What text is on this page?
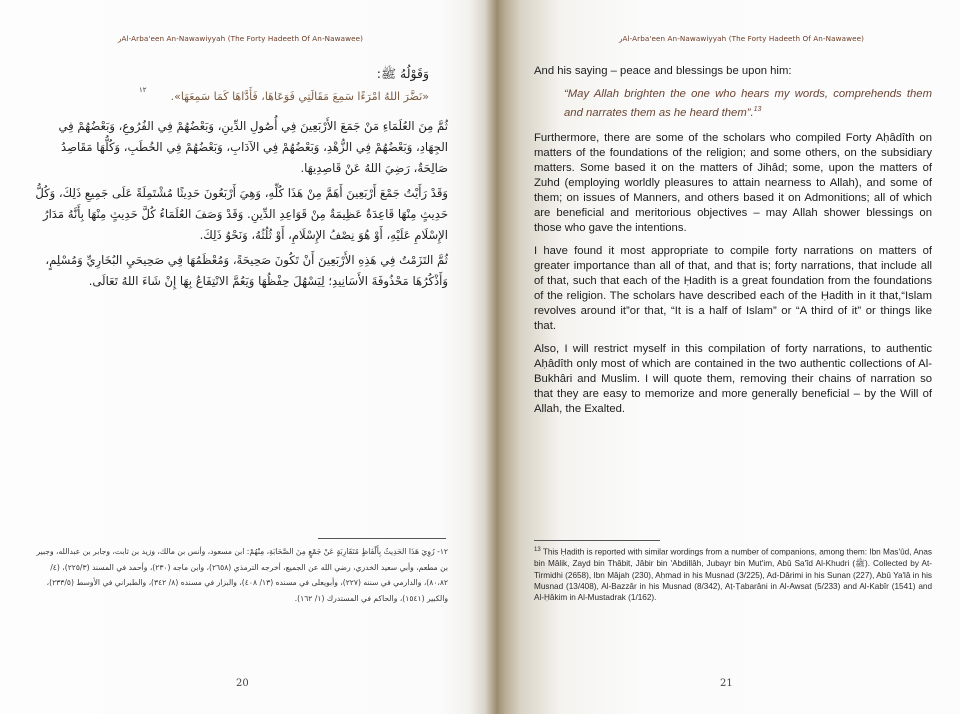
ﺭAl-Arba'een An-Nawawiyyah (The Forty Hadeeth Of An-Nawawee)
وَقَوْلُهُ ﷺ:
١٢	«نَضَّرَ اللهُ امْرَءًا سَمِعَ مَقَالَتِي فَوَعَاهَا، فَأَدَّاهَا كَمَا سَمِعَهَا».

ثُمَّ مِنَ العُلَمَاءِ مَنْ جَمَعَ الأَرْبَعِينَ فِي أُصُولِ الدِّينِ، وَبَعْضُهُمْ فِي الفُرُوعِ، وَبَعْضُهُمْ فِي الجِهَادِ، وَبَعْضُهُمْ فِي الزُّهْدِ، وَبَعْضُهُمْ فِي الآدَابِ، وَبَعْضُهُمْ فِي الخُطَبِ، وَكُلُّهَا مَقَاصِدُ صَالِحَةٌ، رَضِيَ اللهُ عَنْ قَاصِدِيهَا.

وَقَدْ رَأَيْتُ جَمْعَ أَرْبَعِينَ أَهَمَّ مِنْ هَذَا كُلِّهِ، وَهِيَ أَرْبَعُونَ حَدِيثًا مُشْتَمِلَةً عَلَى جَمِيعِ ذَلِكَ، وَكُلُّ حَدِيثٍ مِنْهَا قَاعِدَةٌ عَظِيمَةٌ مِنْ قَوَاعِدِ الدِّينِ. وَقَدْ وَصَفَ العُلَمَاءُ كُلَّ حَدِيثٍ مِنْهَا بِأَنَّهُ مَدَارُ الإِسْلَامِ عَلَيْهِ، أَوْ هُوَ نِصْفُ الإِسْلَامِ، أَوْ ثُلُثُهُ، وَنَحْوُ ذَلِكَ.

ثُمَّ التَزَمْتُ فِي هَذِهِ الأَرْبَعِينَ أَنْ تَكُونَ صَحِيحَةً، وَمُعْظَمُهَا فِي صَحِيحَيِ البُخَارِيِّ وَمُسْلِمٍ، وَأَذْكُرُهَا مَحْذُوفَةَ الأَسَانِيدِ؛ لِيَسْهُلَ حِفْظُهَا وَيَعُمَّ الانْتِفَاعُ بِهَا إِنْ شَاءَ اللهُ تَعَالَى.

١٢- رُوِيَ هَذَا الحَدِيثُ بِأَلْفَاظٍ مُتَقَارِبَةٍ عَنْ جَمْعٍ مِنَ الصَّحَابَةِ، مِنْهُمْ: ابن مسعود، وأنس بن مالك، وزيد بن ثابت، وجابر بن عبدالله، وجبير بن مطعم، وأبي سعيد الخدري، رضي الله عن الجميع، أخرجه الترمذي (٢٦٥٨)، وابن ماجه (٢٣٠)، وأحمد في المسند (٢٢٥/٣)، (٤/ ٨٠،٨٢)، والدارمي في سننه (٢٢٧)، وأبويعلى في مسنده (١٣/ ٤٠٨)، والبزار في مسنده (٨/ ٣٤٢)، والطبراني في الأوسط (٢٣٣/٥)، والكبير (١٥٤١)، والحاكم في المستدرك (١/ ١٦٢).
20
ﺭAl-Arba'een An-Nawawiyyah (The Forty Hadeeth Of An-Nawawee)

And his saying – peace and blessings be upon him:

“May Allah brighten the one who hears my words, comprehends them and narrates them as he heard them”.$^{13}$

Furthermore, there are some of the scholars who compiled Forty Aḥâdîth on matters of the foundations of the religion; and some others, on the subsidiary matters. Some based it on the matters of Jihâd; some, upon the matters of Zuhd (employing worldly pleasures to attain nearness to Allah), and some of them; on issues of Manners, and others based it on Admonitions; all of which are beneficial and meritorious objectives – may Allah shower blessings on those who gave the intentions.

I have found it most appropriate to compile forty narrations on matters of greater importance than all of that, and that is; forty narrations, that include all of that, such that each of the Ḥadith is a great foundation from the foundations of the religion. The scholars have described each of the Ḥadith in it that,“Islam revolves around it”or that, “It is a half of Islam” or “A third of it” or things like that.

Also, I will restrict myself in this compilation of forty narrations, to authentic Aḥâdîth only most of which are contained in the two authentic collections of Al-Bukhâri and Muslim. I will quote them, removing their chains of narration so that they are easy to memorize and more generally beneficial – by the Will of Allah, the Exalted.

$^{13}$ This Ḥadith is reported with similar wordings from a number of companions, among them: Ibn Mas'ûd, Anas bin Mâlik, Zayd bin Thâbit, Jâbir bin 'Abdillâh, Jubayr bin Mut'im, Abû Sa'îd Al-Khudri (ﷺ). Collected by At-Tirmidhi (2658), Ibn Mâjah (230), Aḥmad in his Musnad (3/225), Ad-Dârimi in his Sunan (227), Abû Ya'lâ in his Musnad (13/408), Al-Bazzâr in his Musnad (8/342), Aṭ-Ṭabarâni in Al-Awsat (5/233) and Al-Kabîr (1541) and Al-Ḥâkim in Al-Mustadrak (1/162).
21
